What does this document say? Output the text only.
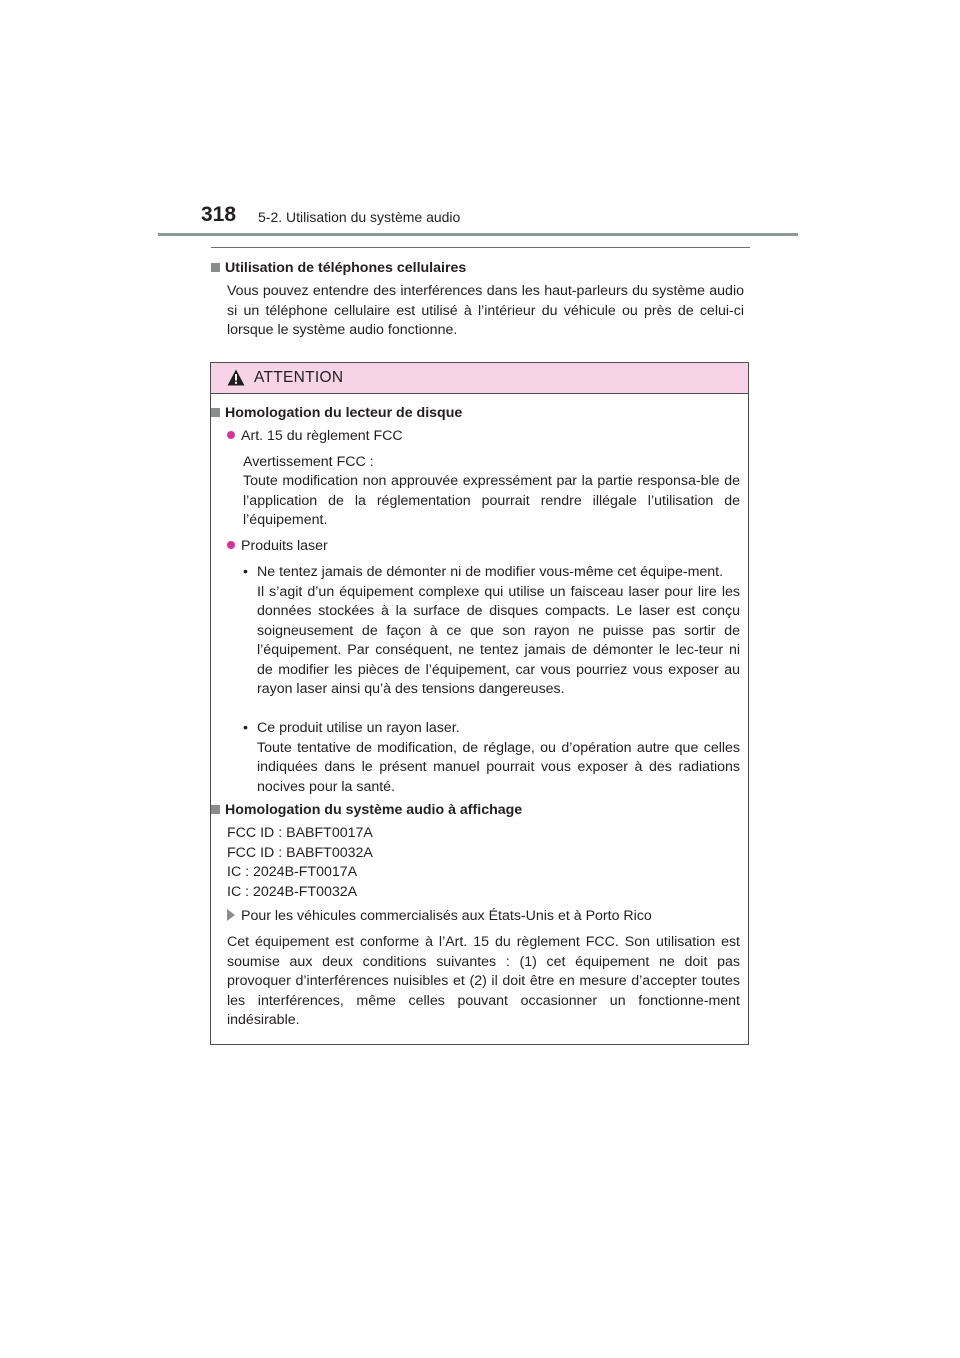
318 5-2. Utilisation du système audio
Utilisation de téléphones cellulaires
Vous pouvez entendre des interférences dans les haut-parleurs du système audio si un téléphone cellulaire est utilisé à l’intérieur du véhicule ou près de celui-ci lorsque le système audio fonctionne.
ATTENTION
Homologation du lecteur de disque
Art. 15 du règlement FCC
Avertissement FCC :
Toute modification non approuvée expressément par la partie responsa-ble de l’application de la réglementation pourrait rendre illégale l’utilisation de l’équipement.
Produits laser
• Ne tentez jamais de démonter ni de modifier vous-même cet équipe-ment.
Il s’agit d’un équipement complexe qui utilise un faisceau laser pour lire les données stockées à la surface de disques compacts. Le laser est conçu soigneusement de façon à ce que son rayon ne puisse pas sortir de l’équipement. Par conséquent, ne tentez jamais de démonter le lec-teur ni de modifier les pièces de l’équipement, car vous pourriez vous exposer au rayon laser ainsi qu’à des tensions dangereuses.
• Ce produit utilise un rayon laser.
Toute tentative de modification, de réglage, ou d’opération autre que celles indiquées dans le présent manuel pourrait vous exposer à des radiations nocives pour la santé.
Homologation du système audio à affichage
FCC ID : BABFT0017A
FCC ID : BABFT0032A
IC : 2024B-FT0017A
IC : 2024B-FT0032A
Pour les véhicules commercialisés aux États-Unis et à Porto Rico
Cet équipement est conforme à l’Art. 15 du règlement FCC. Son utilisation est soumise aux deux conditions suivantes : (1) cet équipement ne doit pas provoquer d’interférences nuisibles et (2) il doit être en mesure d’accepter toutes les interférences, même celles pouvant occasionner un fonctionne-ment indésirable.
